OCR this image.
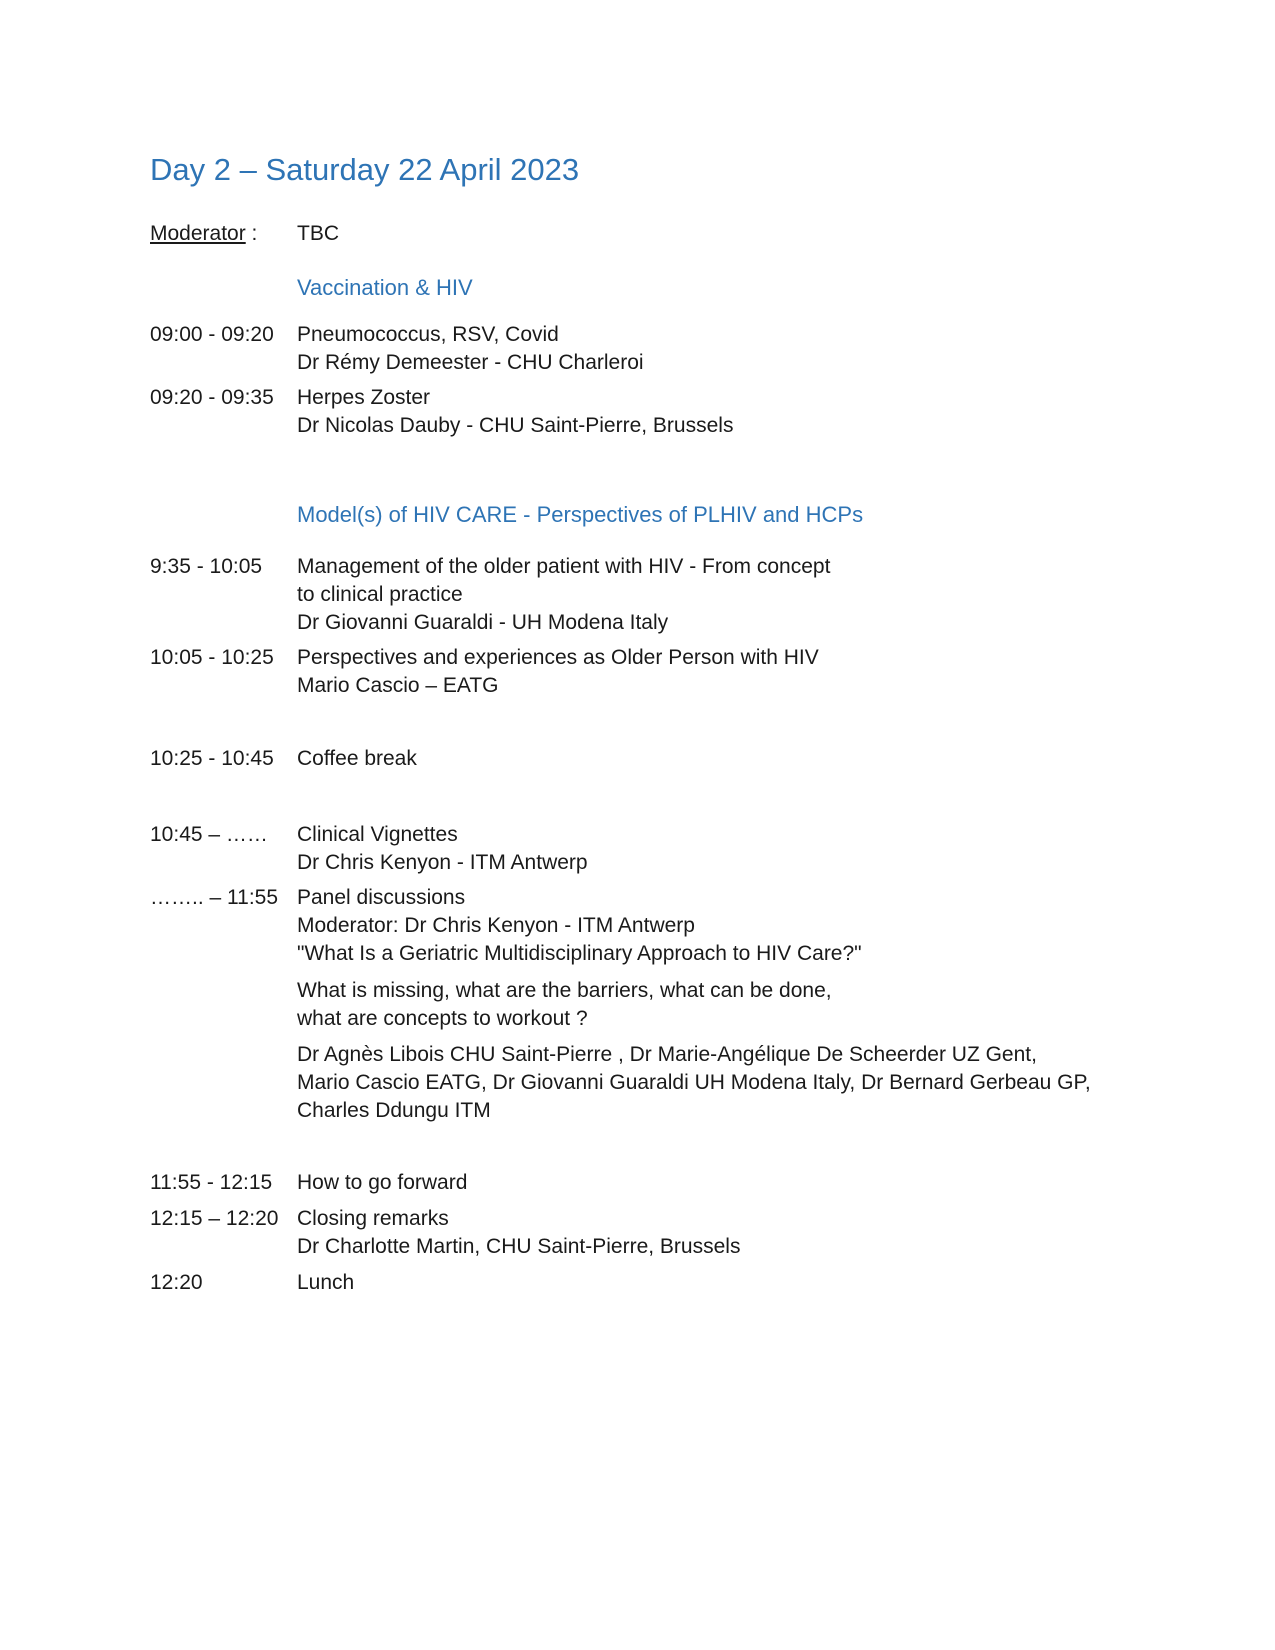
Day 2 – Saturday 22 April 2023
Moderator : TBC
Vaccination & HIV
09:00 - 09:20 Pneumococcus, RSV, Covid
Dr Rémy Demeester - CHU Charleroi
09:20 - 09:35 Herpes Zoster
Dr Nicolas Dauby - CHU Saint-Pierre, Brussels
Model(s) of HIV CARE - Perspectives of PLHIV and HCPs
9:35 - 10:05 Management of the older patient with HIV - From concept
to clinical practice
Dr Giovanni Guaraldi - UH Modena Italy
10:05 - 10:25 Perspectives and experiences as Older Person with HIV
Mario Cascio – EATG
10:25 - 10:45 Coffee break
10:45 – …… Clinical Vignettes
Dr Chris Kenyon - ITM Antwerp
…….. – 11:55 Panel discussions
Moderator: Dr Chris Kenyon - ITM Antwerp
"What Is a Geriatric Multidisciplinary Approach to HIV Care?"
What is missing, what are the barriers, what can be done,
what are concepts to workout ?
Dr Agnès Libois CHU Saint-Pierre , Dr Marie-Angélique De Scheerder UZ Gent,
Mario Cascio EATG, Dr Giovanni Guaraldi UH Modena Italy, Dr Bernard Gerbeau GP,
Charles Ddungu ITM
11:55 - 12:15 How to go forward
12:15 – 12:20 Closing remarks
Dr Charlotte Martin, CHU Saint-Pierre, Brussels
12:20	Lunch
